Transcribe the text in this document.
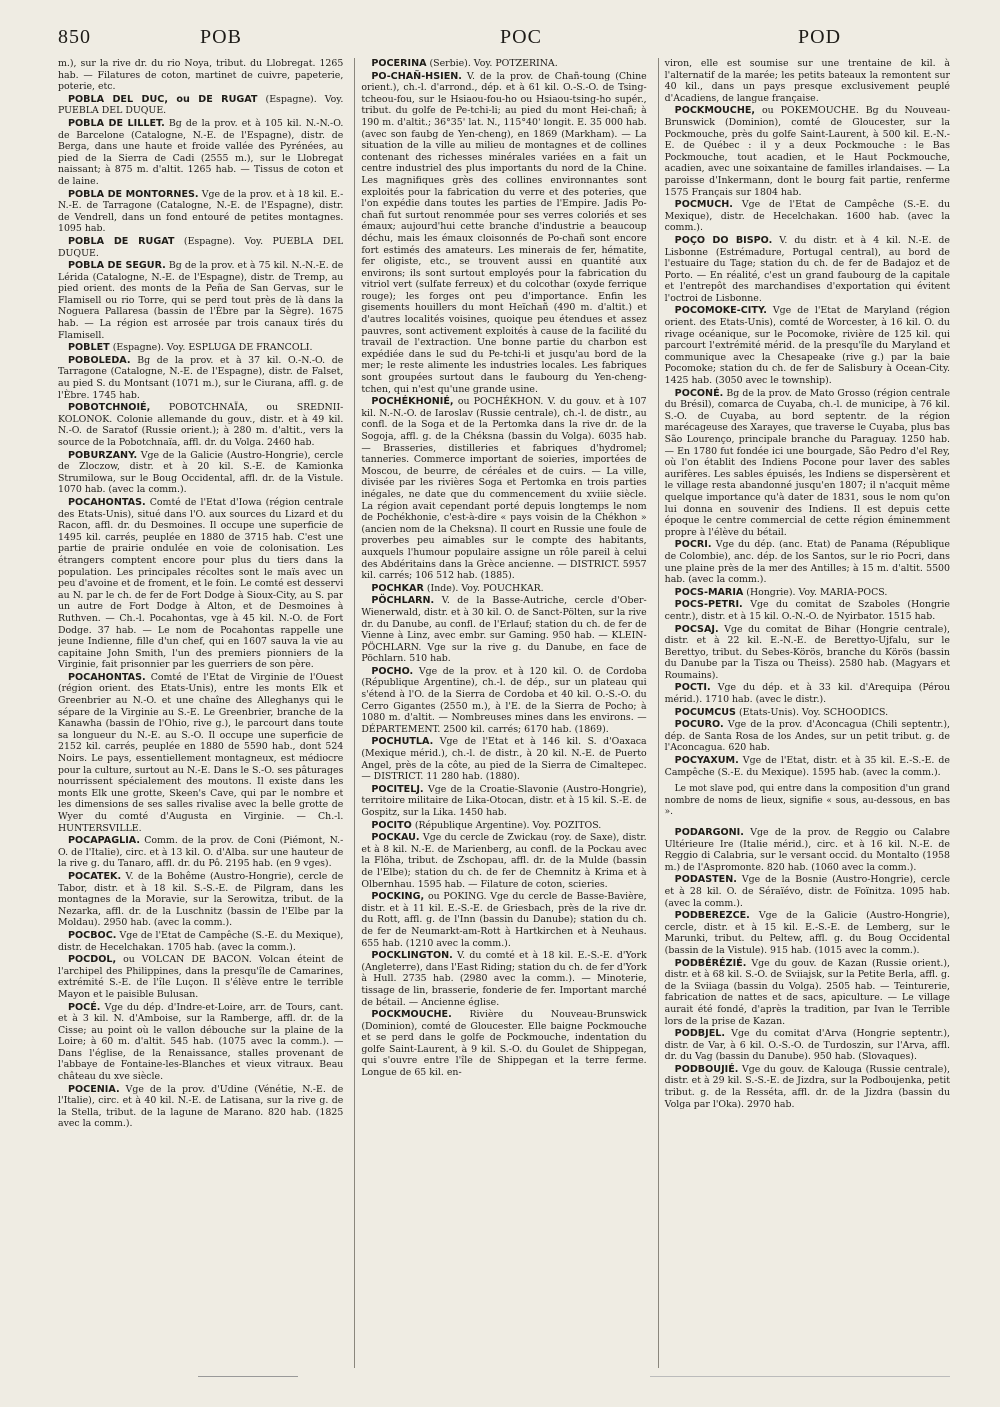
850	POB	POC	POD

m.), sur la rive dr. du rio Noya, tribut. du Llobregat. 1265 hab. — Filatures de coton, martinet de cuivre, papeterie, poterie, etc.

POBLA DEL DUC, ou DE RUGAT (Espagne). Voy. PUEBLA DEL DUQUE.

POBLA DE LILLET. Bg de la prov. et à 105 kil. N.-N.-O. de Barcelone (Catalogne, N.-E. de l'Espagne), distr. de Berga, dans une haute et froide vallée des Pyrénées, au pied de la Sierra de Cadi (2555 m.), sur le Llobregat naissant; à 875 m. d'altit. 1265 hab. — Tissus de coton et de laine.

POBLA DE MONTORNES. Vge de la prov. et à 18 kil. E.-N.-E. de Tarragone (Catalogne, N.-E. de l'Espagne), distr. de Vendrell, dans un fond entouré de petites montagnes. 1095 hab.

POBLA DE RUGAT (Espagne). Voy. PUEBLA DEL DUQUE.

POBLA DE SEGUR. Bg de la prov. et à 75 kil. N.-N.-E. de Lérida (Catalogne, N.-E. de l'Espagne), distr. de Tremp, au pied orient. des monts de la Peña de San Gervas, sur le Flamisell ou rio Torre, qui se perd tout près de là dans la Noguera Pallaresa (bassin de l'Èbre par la Sègre). 1675 hab. — La région est arrosée par trois canaux tirés du Flamisell.

POBLET (Espagne). Voy. ESPLUGA DE FRANCOLI.

POBOLEDA. Bg de la prov. et à 37 kil. O.-N.-O. de Tarragone (Catalogne, N.-E. de l'Espagne), distr. de Falset, au pied S. du Montsant (1071 m.), sur le Ciurana, affl. g. de l'Èbre. 1745 hab.

POBOTCHNOIÉ, POBOTCHNAÏA, ou SREDNII-KOLONOK. Colonie allemande du gouv., distr. et à 49 kil. N.-O. de Saratof (Russie orient.); à 280 m. d'altit., vers la source de la Pobotchnaïa, affl. dr. du Volga. 2460 hab.

POBURZANY. Vge de la Galicie (Austro-Hongrie), cercle de Zloczow, distr. et à 20 kil. S.-E. de Kamionka Strumilowa, sur le Boug Occidental, affl. dr. de la Vistule. 1070 hab. (avec la comm.).

POCAHONTAS. Comté de l'Etat d'Iowa (région centrale des Etats-Unis), situé dans l'O. aux sources du Lizard et du Racon, affl. dr. du Desmoines. Il occupe une superficie de 1495 kil. carrés, peuplée en 1880 de 3715 hab. C'est une partie de prairie ondulée en voie de colonisation. Les étrangers comptent encore pour plus du tiers dans la population. Les principales récoltes sont le maïs avec un peu d'avoine et de froment, et le foin. Le comté est desservi au N. par le ch. de fer de Fort Dodge à Sioux-City, au S. par un autre de Fort Dodge à Alton, et de Desmoines à Ruthven. — Ch.-l. Pocahontas, vge à 45 kil. N.-O. de Fort Dodge. 37 hab. — Le nom de Pocahontas rappelle une jeune Indienne, fille d'un chef, qui en 1607 sauva la vie au capitaine John Smith, l'un des premiers pionniers de la Virginie, fait prisonnier par les guerriers de son père.

POCAHONTAS. Comté de l'Etat de Virginie de l'Ouest (région orient. des Etats-Unis), entre les monts Elk et Greenbrier au N.-O. et une chaîne des Alleghanys qui le sépare de la Virginie au S.-E. Le Greenbrier, branche de la Kanawha (bassin de l'Ohio, rive g.), le parcourt dans toute sa longueur du N.-E. au S.-O. Il occupe une superficie de 2152 kil. carrés, peuplée en 1880 de 5590 hab., dont 524 Noirs. Le pays, essentiellement montagneux, est médiocre pour la culture, surtout au N.-E. Dans le S.-O. ses pâturages nourrissent spécialement des moutons. Il existe dans les monts Elk une grotte, Skeen's Cave, qui par le nombre et les dimensions de ses salles rivalise avec la belle grotte de Wyer du comté d'Augusta en Virginie. — Ch.-l. HUNTERSVILLE.

POCAPAGLIA. Comm. de la prov. de Coni (Piémont, N.-O. de l'Italie), circ. et à 13 kil. O. d'Alba. sur une hauteur de la rive g. du Tanaro, affl. dr. du Pô. 2195 hab. (en 9 vges).

POCATEK. V. de la Bohême (Austro-Hongrie), cercle de Tabor, distr. et à 18 kil. S.-S.-E. de Pilgram, dans les montagnes de la Moravie, sur la Serowitza, tribut. de la Nezarka, affl. dr. de la Luschnitz (bassin de l'Elbe par la Moldau). 2950 hab. (avec la comm.).

POCBOC. Vge de l'Etat de Campêche (S.-E. du Mexique), distr. de Hecelchakan. 1705 hab. (avec la comm.).

POCDOL, ou VOLCAN DE BACON. Volcan éteint de l'archipel des Philippines, dans la presqu'île de Camarines, extrémité S.-E. de l'île Luçon. Il s'élève entre le terrible Mayon et le paisible Bulusan.

POCÉ. Vge du dép. d'Indre-et-Loire, arr. de Tours, cant. et à 3 kil. N. d'Amboise, sur la Ramberge, affl. dr. de la Cisse; au point où le vallon débouche sur la plaine de la Loire; à 60 m. d'altit. 545 hab. (1075 avec la comm.). — Dans l'église, de la Renaissance, stalles provenant de l'abbaye de Fontaine-les-Blanches et vieux vitraux. Beau château du xve siècle.

POCENIA. Vge de la prov. d'Udine (Vénétie, N.-E. de l'Italie), circ. et à 40 kil. N.-E. de Latisana, sur la rive g. de la Stella, tribut. de la lagune de Marano. 820 hab. (1825 avec la comm.).

POCERINA (Serbie). Voy. POTZERINA.

PO-CHAÑ-HSIEN. V. de la prov. de Chañ-toung (Chine orient.), ch.-l. d'arrond., dép. et à 61 kil. O.-S.-O. de Tsing-tcheou-fou, sur le Hsiaou-fou-ho ou Hsiaou-tsing-ho supér., tribut. du golfe de Pe-tchi-li; au pied du mont Hei-chañ; à 190 m. d'altit.; 36°35' lat. N., 115°40' longit. E. 35 000 hab. (avec son faubg de Yen-cheng), en 1869 (Markham). — La situation de la ville au milieu de montagnes et de collines contenant des richesses minérales variées en a fait un centre industriel des plus importants du nord de la Chine. Les magnifiques grès des collines environnantes sont exploités pour la fabrication du verre et des poteries, que l'on expédie dans toutes les parties de l'Empire. Jadis Po-chañ fut surtout renommée pour ses verres coloriés et ses émaux; aujourd'hui cette branche d'industrie a beaucoup déchu, mais les émaux cloisonnés de Po-chañ sont encore fort estimés des amateurs. Les minerais de fer, hématite, fer oligiste, etc., se trouvent aussi en quantité aux environs; ils sont surtout employés pour la fabrication du vitriol vert (sulfate ferreux) et du colcothar (oxyde ferrique rouge); les forges ont peu d'importance. Enfin les gisements houillers du mont Heïchañ (490 m. d'altit.) et d'autres localités voisines, quoique peu étendues et assez pauvres, sont activement exploités à cause de la facilité du travail de l'extraction. Une bonne partie du charbon est expédiée dans le sud du Pe-tchi-li et jusqu'au bord de la mer; le reste alimente les industries locales. Les fabriques sont groupées surtout dans le faubourg du Yen-cheng-tchen, qui n'est qu'une grande usine.

POCHÉKHONIÉ, ou POCHÉKHON. V. du gouv. et à 107 kil. N.-N.-O. de Iaroslav (Russie centrale), ch.-l. de distr., au confl. de la Soga et de la Pertomka dans la rive dr. de la Sogoja, affl. g. de la Chéksna (bassin du Volga). 6035 hab. — Brasseries, distilleries et fabriques d'hydromel; tanneries. Commerce important de soieries, importées de Moscou, de beurre, de céréales et de cuirs. — La ville, divisée par les rivières Soga et Pertomka en trois parties inégales, ne date que du commencement du xviiie siècle. La région avait cependant porté depuis longtemps le nom de Pochékhonie, c'est-à-dire « pays voisin de la Chékhon » (ancien nom de la Cheksna). Il court en Russie une foule de proverbes peu aimables sur le compte des habitants, auxquels l'humour populaire assigne un rôle pareil à celui des Abdéritains dans la Grèce ancienne. — DISTRICT. 5957 kil. carrés; 106 512 hab. (1885).

POCHKAR (Inde). Voy. POUCHKAR.

PÖCHLARN. V. de la Basse-Autriche, cercle d'Ober-Wienerwald, distr. et à 30 kil. O. de Sanct-Pölten, sur la rive dr. du Danube, au confl. de l'Erlauf; station du ch. de fer de Vienne à Linz, avec embr. sur Gaming. 950 hab. — KLEIN-PÖCHLARN. Vge sur la rive g. du Danube, en face de Pöchlarn. 510 hab.

POCHO. Vge de la prov. et à 120 kil. O. de Cordoba (République Argentine), ch.-l. de dép., sur un plateau qui s'étend à l'O. de la Sierra de Cordoba et 40 kil. O.-S.-O. du Cerro Gigantes (2550 m.), à l'E. de la Sierra de Pocho; à 1080 m. d'altit. — Nombreuses mines dans les environs. — DÉPARTEMENT. 2500 kil. carrés; 6170 hab. (1869).

POCHUTLA. Vge de l'Etat et à 146 kil. S. d'Oaxaca (Mexique mérid.), ch.-l. de distr., à 20 kil. N.-E. de Puerto Angel, près de la côte, au pied de la Sierra de Cimaltepec. — DISTRICT. 11 280 hab. (1880).

POCITELJ. Vge de la Croatie-Slavonie (Austro-Hongrie), territoire militaire de Lika-Otocan, distr. et à 15 kil. S.-E. de Gospitz, sur la Lika. 1450 hab.

POCITO (République Argentine). Voy. POZITOS.

POCKAU. Vge du cercle de Zwickau (roy. de Saxe), distr. et à 8 kil. N.-E. de Marienberg, au confl. de la Pockau avec la Flöha, tribut. de Zschopau, affl. dr. de la Mulde (bassin de l'Elbe); station du ch. de fer de Chemnitz à Krima et à Olbernhau. 1595 hab. — Filature de coton, scieries.

POCKING, ou POKING. Vge du cercle de Basse-Bavière, distr. et à 11 kil. E.-S.-E. de Griesbach, près de la rive dr. du Rott, affl. g. de l'Inn (bassin du Danube); station du ch. de fer de Neumarkt-am-Rott à Hartkirchen et à Neuhaus. 655 hab. (1210 avec la comm.).

POCKLINGTON. V. du comté et à 18 kil. E.-S.-E. d'York (Angleterre), dans l'East Riding; station du ch. de fer d'York à Hull. 2735 hab. (2980 avec la comm.). — Minoterie, tissage de lin, brasserie, fonderie de fer. Important marché de bétail. — Ancienne église.

POCKMOUCHE. Rivière du Nouveau-Brunswick (Dominion), comté de Gloucester. Elle baigne Pockmouche et se perd dans le golfe de Pockmouche, indentation du golfe Saint-Laurent, à 9 kil. S.-O. du Goulet de Shippegan, qui s'ouvre entre l'île de Shippegan et la terre ferme. Longue de 65 kil. en-

viron, elle est soumise sur une trentaine de kil. à l'alternatif de la marée; les petits bateaux la remontent sur 40 kil., dans un pays presque exclusivement peuplé d'Acadiens, de langue française.

POCKMOUCHE, ou POKEMOUCHE. Bg du Nouveau-Brunswick (Dominion), comté de Gloucester, sur la Pockmouche, près du golfe Saint-Laurent, à 500 kil. E.-N.-E. de Québec : il y a deux Pockmouche : le Bas Pockmouche, tout acadien, et le Haut Pockmouche, acadien, avec une soixantaine de familles irlandaises. — La paroisse d'Inkermann, dont le bourg fait partie, renferme 1575 Français sur 1804 hab.

POCMUCH. Vge de l'Etat de Campêche (S.-E. du Mexique), distr. de Hecelchakan. 1600 hab. (avec la comm.).

POÇO DO BISPO. V. du distr. et à 4 kil. N.-E. de Lisbonne (Estrémadure, Portugal central), au bord de l'estuaire du Tage; station du ch. de fer de Badajoz et de Porto. — En réalité, c'est un grand faubourg de la capitale et l'entrepôt des marchandises d'exportation qui évitent l'octroi de Lisbonne.

POCOMOKE-CITY. Vge de l'Etat de Maryland (région orient. des Etats-Unis), comté de Worcester, à 16 kil. O. du rivage océanique, sur le Pocomoke, rivière de 125 kil. qui parcourt l'extrémité mérid. de la presqu'île du Maryland et communique avec la Chesapeake (rive g.) par la baie Pocomoke; station du ch. de fer de Salisbury à Ocean-City. 1425 hab. (3050 avec le township).

POCONÉ. Bg de la prov. de Mato Grosso (région centrale du Brésil), comarca de Cuyaba, ch.-l. de municipe, à 76 kil. S.-O. de Cuyaba, au bord septentr. de la région marécageuse des Xarayes, que traverse le Cuyaba, plus bas São Lourenço, principale branche du Paraguay. 1250 hab. — En 1780 fut fondée ici une bourgade, São Pedro d'el Rey, où l'on établit des Indiens Pocone pour laver des sables aurifères. Les sables épuisés, les Indiens se dispersèrent et le village resta abandonné jusqu'en 1807; il n'acquit même quelque importance qu'à dater de 1831, sous le nom qu'on lui donna en souvenir des Indiens. Il est depuis cette époque le centre commercial de cette région éminemment propre à l'élève du bétail.

POCRI. Vge du dép. (anc. Etat) de Panama (République de Colombie), anc. dép. de los Santos, sur le rio Pocri, dans une plaine près de la mer des Antilles; à 15 m. d'altit. 5500 hab. (avec la comm.).

POCS-MARIA (Hongrie). Voy. MARIA-POCS.

POCS-PETRI. Vge du comitat de Szaboles (Hongrie centr.), distr. et à 15 kil. O.-N.-O. de Nyirbator. 1515 hab.

POCSAJ. Vge du comitat de Bihar (Hongrie centrale), distr. et à 22 kil. E.-N.-E. de Berettyo-Ujfalu, sur le Berettyo, tribut. du Sebes-Körös, branche du Körös (bassin du Danube par la Tisza ou Theiss). 2580 hab. (Magyars et Roumains).

POCTI. Vge du dép. et à 33 kil. d'Arequipa (Pérou mérid.). 1710 hab. (avec le distr.).

POCUMCUS (Etats-Unis). Voy. SCHOODICS.

POCURO. Vge de la prov. d'Aconcagua (Chili septentr.), dép. de Santa Rosa de los Andes, sur un petit tribut. g. de l'Aconcagua. 620 hab.

POCYAXUM. Vge de l'Etat, distr. et à 35 kil. E.-S.-E. de Campêche (S.-E. du Mexique). 1595 hab. (avec la comm.).

Le mot slave pod, qui entre dans la composition d'un grand nombre de noms de lieux, signifie « sous, au-dessous, en bas ».

PODARGONI. Vge de la prov. de Reggio ou Calabre Ultérieure Ire (Italie mérid.), circ. et à 16 kil. N.-E. de Reggio di Calabria, sur le versant occid. du Montalto (1958 m.) de l'Aspromonte. 820 hab. (1060 avec la comm.).

PODASTEN. Vge de la Bosnie (Austro-Hongrie), cercle et à 28 kil. O. de Séraïévo, distr. de Foïnitza. 1095 hab. (avec la comm.).

PODBEREZCE. Vge de la Galicie (Austro-Hongrie), cercle, distr. et à 15 kil. E.-S.-E. de Lemberg, sur le Marunki, tribut. du Peltew, affl. g. du Boug Occidental (bassin de la Vistule). 915 hab. (1015 avec la comm.).

PODBÉRÉZIÉ. Vge du gouv. de Kazan (Russie orient.), distr. et à 68 kil. S.-O. de Sviiajsk, sur la Petite Berla, affl. g. de la Sviiaga (bassin du Volga). 2505 hab. — Teinturerie, fabrication de nattes et de sacs, apiculture. — Le village aurait été fondé, d'après la tradition, par Ivan le Terrible lors de la prise de Kazan.

PODBJEL. Vge du comitat d'Arva (Hongrie septentr.), distr. de Var, à 6 kil. O.-S.-O. de Turdoszin, sur l'Arva, affl. dr. du Vag (bassin du Danube). 950 hab. (Slovaques).

PODBOUJIÉ. Vge du gouv. de Kalouga (Russie centrale), distr. et à 29 kil. S.-S.-E. de Jizdra, sur la Podboujenka, petit tribut. g. de la Resséta, affl. dr. de la Jizdra (bassin du Volga par l'Oka). 2970 hab.
